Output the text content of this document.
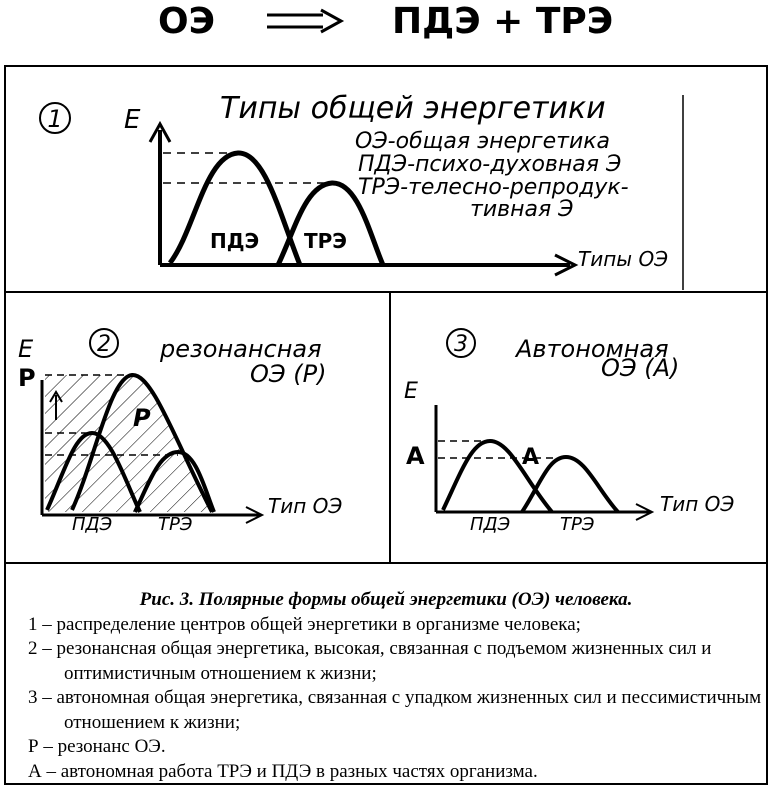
ОЭ	ПДЭ + ТРЭ
1 E
ПДЭ ТРЭ
Типы общей энергетики
ОЭ-общая энергетика
ПДЭ-психо-духовная Э
ТРЭ-телесно-репродук-
тивная Э
Типы ОЭ
2 резонансная
ОЭ (Р)
E
P
P
ПДЭ	ТРЭ
Тип ОЭ
3 Автономная
ОЭ (А)
E
A	A
ПДЭ	ТРЭ
Тип ОЭ
Рис. 3. Полярные формы общей энергетики (ОЭ) человека.
1 – распределение центров общей энергетики в организме человека;
2 – резонансная общая энергетика, высокая, связанная с подъемом жизненных сил и оптимистичным отношением к жизни;
3 – автономная общая энергетика, связанная с упадком жизненных сил и пессимистичным отношением к жизни;
Р – резонанс ОЭ.
А – автономная работа ТРЭ и ПДЭ в разных частях организма.
